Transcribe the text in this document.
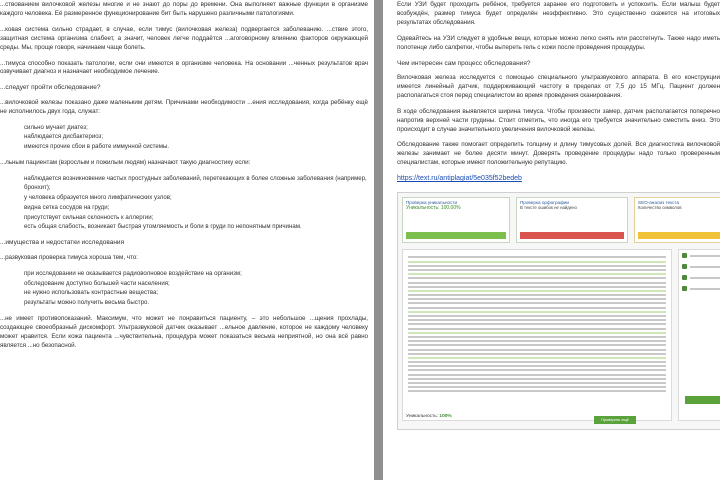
...ствованием вилочковой железы многие и не знают до поры до времени. Она выполняет важные функции в организме каждого человека. Её размеренное функционирование бит быть нарушено различными патологиями.

...ковая система сильно страдает, в случае, если тимус (вилочковая железа) подвергается заболеванию. ...ствие этого, защитная система организма слабеет, а значит, человек легче поддаётся ...агоговорному влиянию факторов окружающей среды. Мы, проще говоря, начинаем чаще болеть.

...тимуса способно показать патологии, если они имеются в организме человека. На основании ...ченных результатов врач озвучивает диагноз и назначает необходимое лечение.

...следует пройти обследование?

...вилочковой железы показано даже маленьким детям. Причинами необходимости ...ения исследования, когда ребёнку ещё не исполнилось двух года, служат:

сильно мучает диатез;
наблюдается дисбактериоз;
имеются прочие сбои в работе иммунной системы.

...льным пациентам (взрослым и пожилым людям) назначают такую диагностику если:

наблюдается возникновение частых простудных заболеваний, перетекающих в более сложные заболевания (например, бронхит);
у человека образуется много лимфатических узлов;
видна сетка сосудов на груди;
присутствует сильная склонность к аллергии;
есть общая слабость, возникает быстрая утомляемость и боли в груди по непонятным причинам.

...имущества и недостатки исследования

...развуковая проверка тимуса хороша тем, что:

при исследовании не оказывается радиоволновое воздействие на организм;
обследование доступно большей части населения;
не нужно использовать контрастные вещества;
результаты можно получить весьма быстро.

...не имеет противопоказаний. Максимум, что может не понравиться пациенту, – это небольшое ...щения прохлады, создающее своеобразный дискомфорт. Ультразвуковой датчик оказывает ...ельное давление, которое не каждому человеку может нравится. Если кожа пациента ...чувствительна, процедура может показаться весьма неприятной, но она всё равно является ...но безопасной.

Если УЗИ будет проходить ребёнок, требуется заранее его подготовить и успокоить. Если малыш будет возбуждён, размер тимуса будет определён неэффективно. Это существенно скажется на итоговых результатах обследования.

Одевайтесь на УЗИ следует в удобные вещи, которые можно легко снять или расстегнуть. Также надо иметь полотенце либо салфетки, чтобы вытереть гель с кожи после проведения процедуры.

Чем интересен сам процесс обследования?

Вилочковая железа исследуется с помощью специального ультразвукового аппарата. В его конструкции имеется линейный датчик, поддерживающий частоту в пределах от 7,5 до 15 МГц. Пациент должен располагаться стоя перед специалистом во время проведения сканирования.

В ходе обследования выявляется ширина тимуса. Чтобы произвести замер, датчик располагается поперечно напротив верхней части грудины. Стоит отметить, что иногда его требуется значительно сместить вниз. Это происходит в случае значительного увеличения вилочковой железы.

Обследование также помогает определить толщину и длину тимусовых долей. Вся диагностика вилочковой железы занимает не более десяти минут. Доверять проведение процедуры надо только проверенным специалистам, которые имеют положительную репутацию.

https://text.ru/antiplagiat/5e035f52bedeb
Проверка уникальности
Уникальность: 100.00%
Проверка орфографии
В тексте ошибок не найдено
SEO-анализ текста
Количество символов
Уникальность: 100%
Проверить ещё
